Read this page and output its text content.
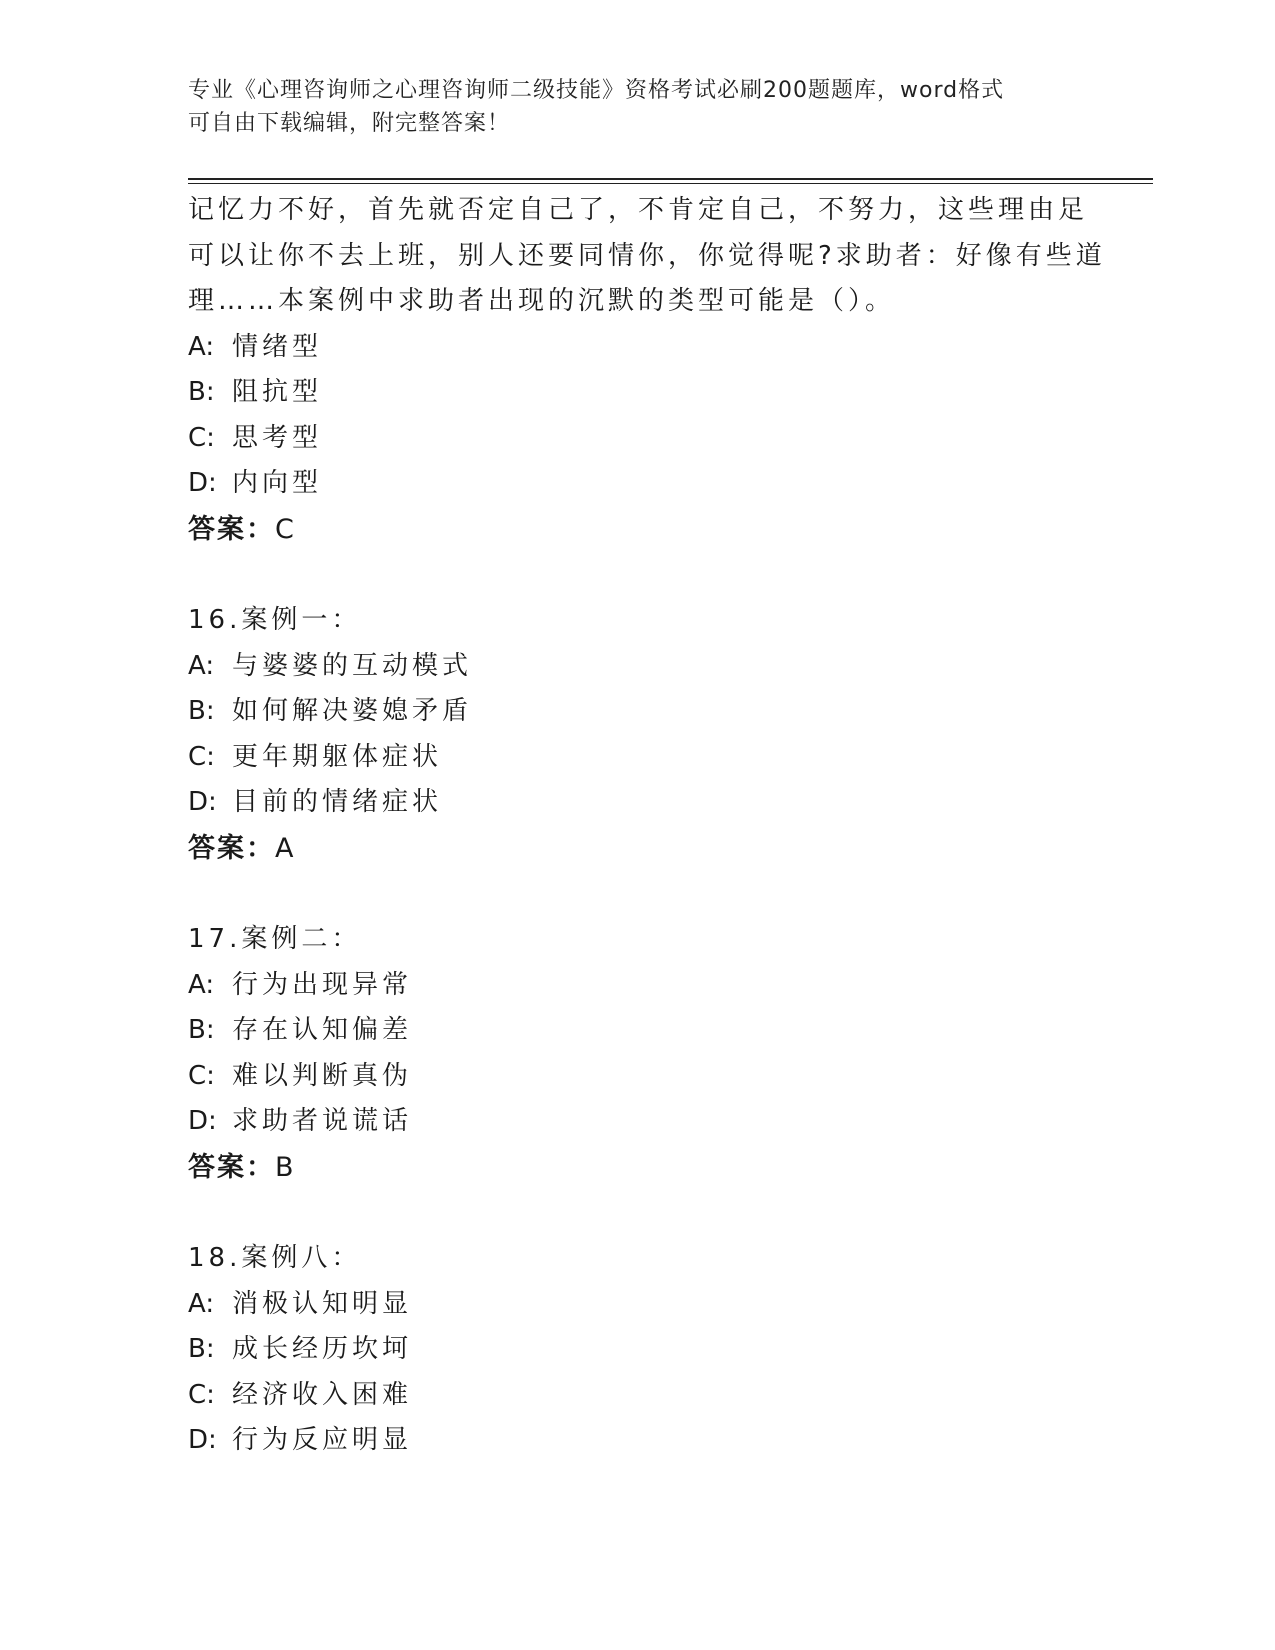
专业《心理咨询师之心理咨询师二级技能》资格考试必刷200题题库，word格式
可自由下载编辑，附完整答案！

记忆力不好，首先就否定自己了，不肯定自己，不努力，这些理由足

可以让你不去上班，别人还要同情你，你觉得呢?求助者：好像有些道

理……本案例中求助者出现的沉默的类型可能是（）。

A: 情绪型

B: 阻抗型

C: 思考型

D: 内向型

答案：C

16.案例一：

A: 与婆婆的互动模式

B: 如何解决婆媳矛盾

C: 更年期躯体症状

D: 目前的情绪症状

答案：A

17.案例二：

A: 行为出现异常

B: 存在认知偏差

C: 难以判断真伪

D: 求助者说谎话

答案：B

18.案例八：

A: 消极认知明显

B: 成长经历坎坷

C: 经济收入困难

D: 行为反应明显
